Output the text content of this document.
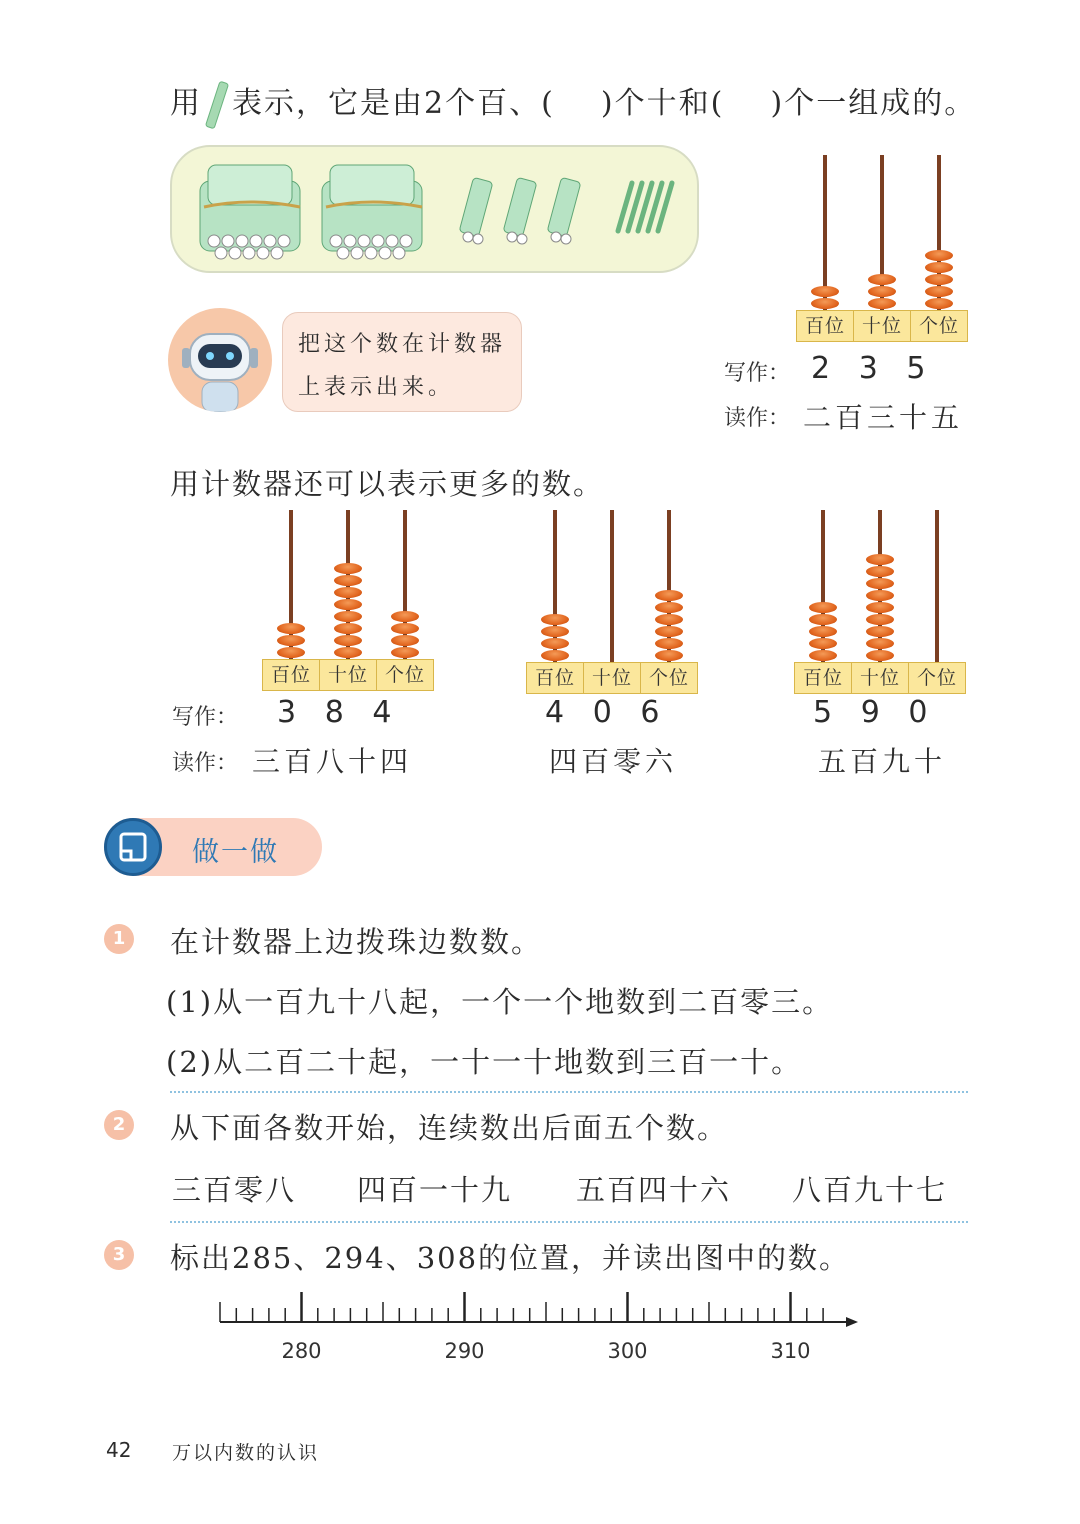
用 表示，它是由2个百、(    )个十和(    )个一组成的。
把这个数在计数器
上表示出来。
百位 十位 个位
写作： 2   3   5
读作： 二百三十五
用计数器还可以表示更多的数。
百位 十位 个位	百位 十位 个位	百位 十位 个位
写作： 3   8   4	4   0   6	5   9   0
读作： 三百八十四	四百零六	五百九十
做一做
1	在计数器上边拨珠边数数。
(1)从一百九十八起，一个一个地数到二百零三。
(2)从二百二十起，一十一十地数到三百一十。
2	从下面各数开始，连续数出后面五个数。
三百零八 四百一十九 五百四十六 八百九十七
3	标出285、294、308的位置，并读出图中的数。
280	290	300	310
42 万以内数的认识
